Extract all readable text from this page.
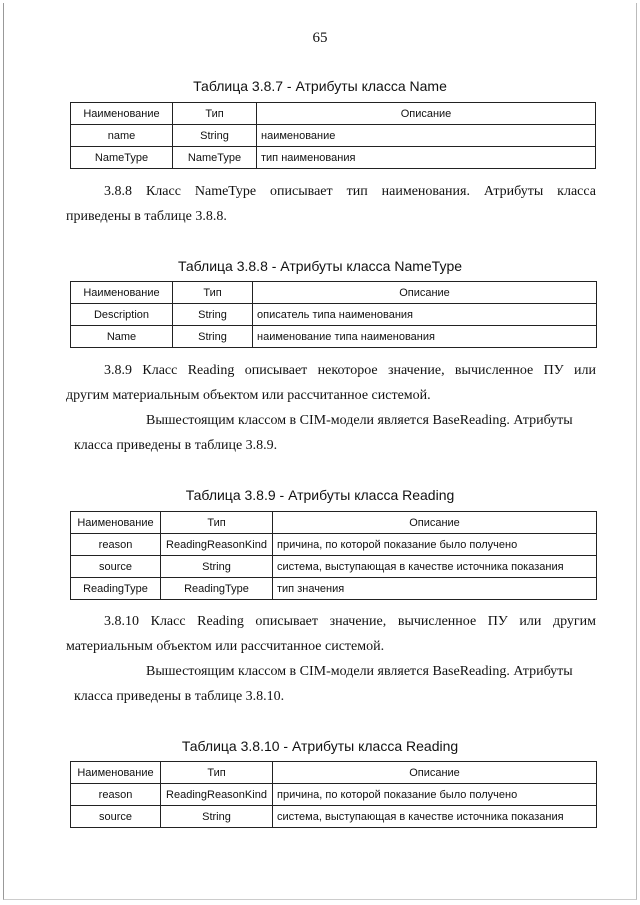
65
Таблица 3.8.7 - Атрибуты класса Name
Наименование	Тип	Описание
name	String	наименование
NameType	NameType	тип наименования
3.8.8 Класс NameType описывает тип наименования. Атрибуты класса
приведены в таблице 3.8.8.
Таблица 3.8.8 - Атрибуты класса NameType
Наименование	Тип	Описание
Description	String	описатель типа наименования
Name	String	наименование типа наименования
3.8.9 Класс Reading описывает некоторое значение, вычисленное ПУ или
другим материальным объектом или рассчитанное системой.
Вышестоящим классом в CIM-модели является BaseReading. Атрибуты
класса приведены в таблице 3.8.9.
Таблица 3.8.9 - Атрибуты класса Reading
Наименование	Тип	Описание
reason	ReadingReasonKind	причина, по которой показание было получено
source	String	система, выступающая в качестве источника показания
ReadingType	ReadingType	тип значения
3.8.10 Класс Reading описывает значение, вычисленное ПУ или другим
материальным объектом или рассчитанное системой.
Вышестоящим классом в CIM-модели является BaseReading. Атрибуты
класса приведены в таблице 3.8.10.
Таблица 3.8.10 - Атрибуты класса Reading
Наименование	Тип	Описание
reason	ReadingReasonKind	причина, по которой показание было получено
source	String	система, выступающая в качестве источника показания
